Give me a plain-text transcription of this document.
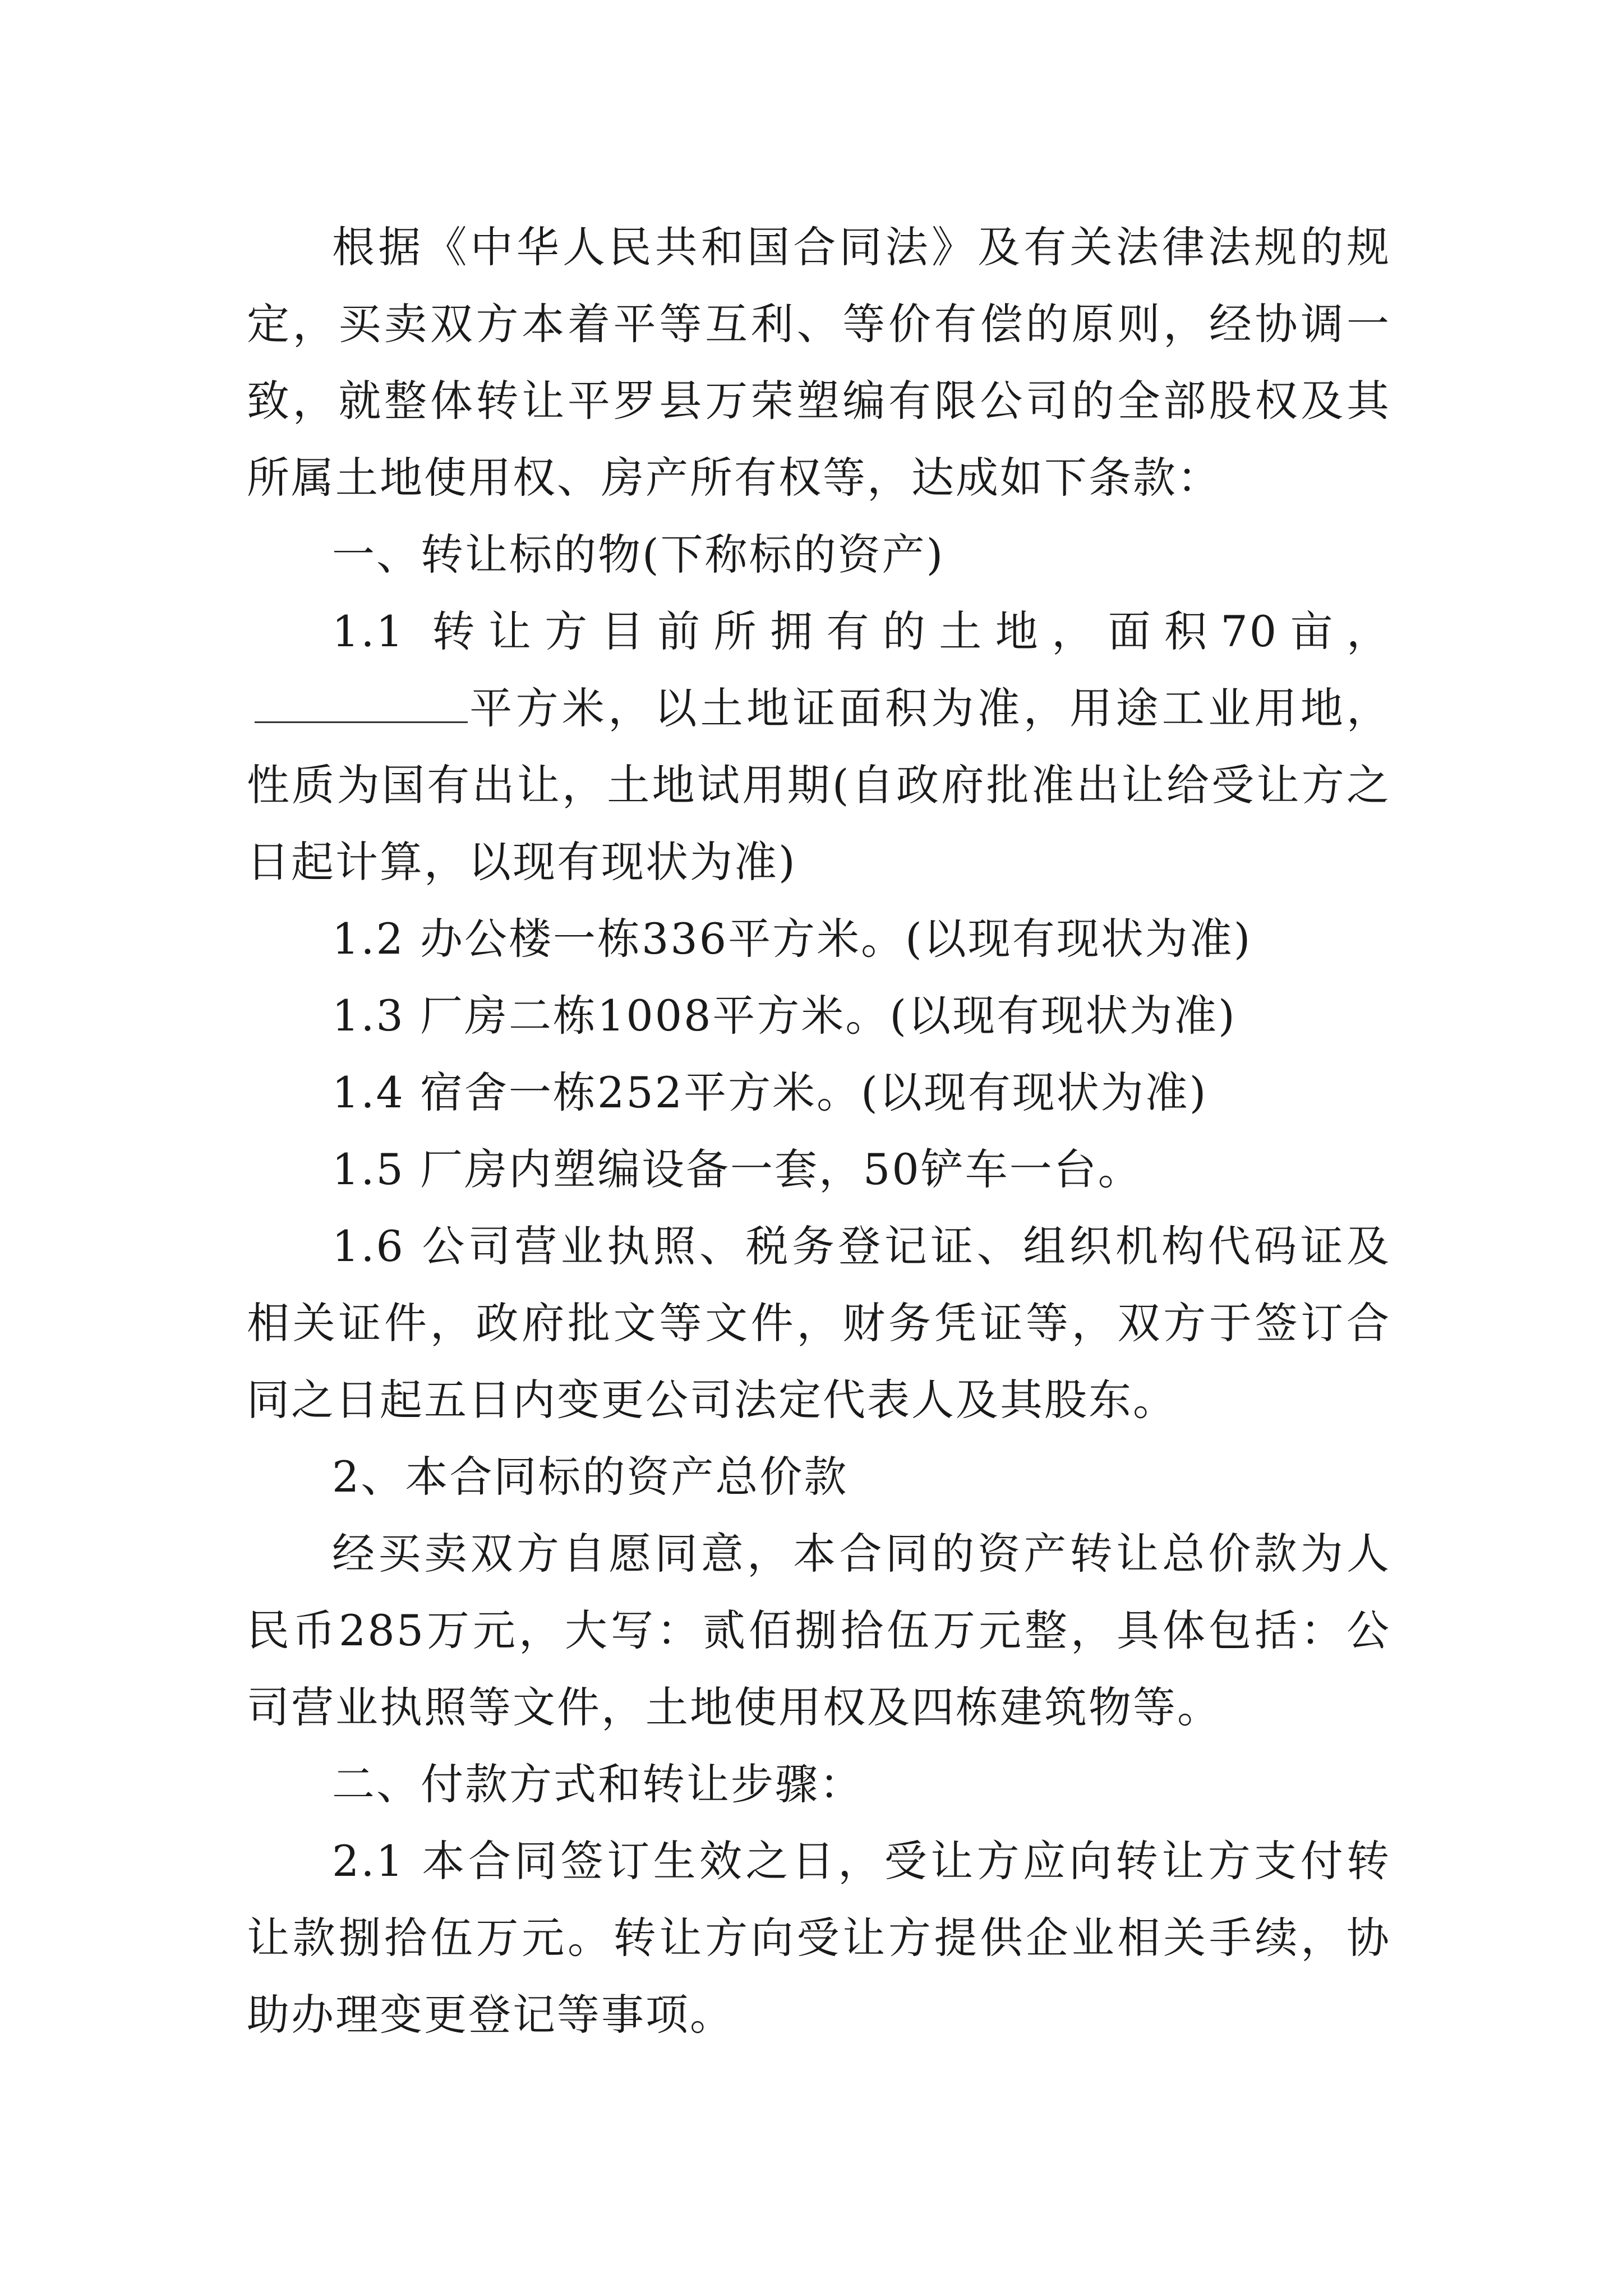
根据《中华人民共和国合同法》及有关法律法规的规定，买卖双方本着平等互利、等价有偿的原则，经协调一致，就整体转让平罗县万荣塑编有限公司的全部股权及其所属土地使用权、房产所有权等，达成如下条款：

一、转让标的物(下称标的资产)

1.1 转让方目前所拥有的土地，面积70亩，平方米，以土地证面积为准，用途工业用地，性质为国有出让，土地试用期(自政府批准出让给受让方之日起计算，以现有现状为准)

1.2 办公楼一栋336平方米。(以现有现状为准)

1.3 厂房二栋1008平方米。(以现有现状为准)

1.4 宿舍一栋252平方米。(以现有现状为准)

1.5 厂房内塑编设备一套，50铲车一台。

1.6 公司营业执照、税务登记证、组织机构代码证及相关证件，政府批文等文件，财务凭证等，双方于签订合同之日起五日内变更公司法定代表人及其股东。

2、本合同标的资产总价款

经买卖双方自愿同意，本合同的资产转让总价款为人民币285万元，大写：贰佰捌拾伍万元整，具体包括：公司营业执照等文件，土地使用权及四栋建筑物等。

二、付款方式和转让步骤：

2.1 本合同签订生效之日，受让方应向转让方支付转让款捌拾伍万元。转让方向受让方提供企业相关手续，协助办理变更登记等事项。
